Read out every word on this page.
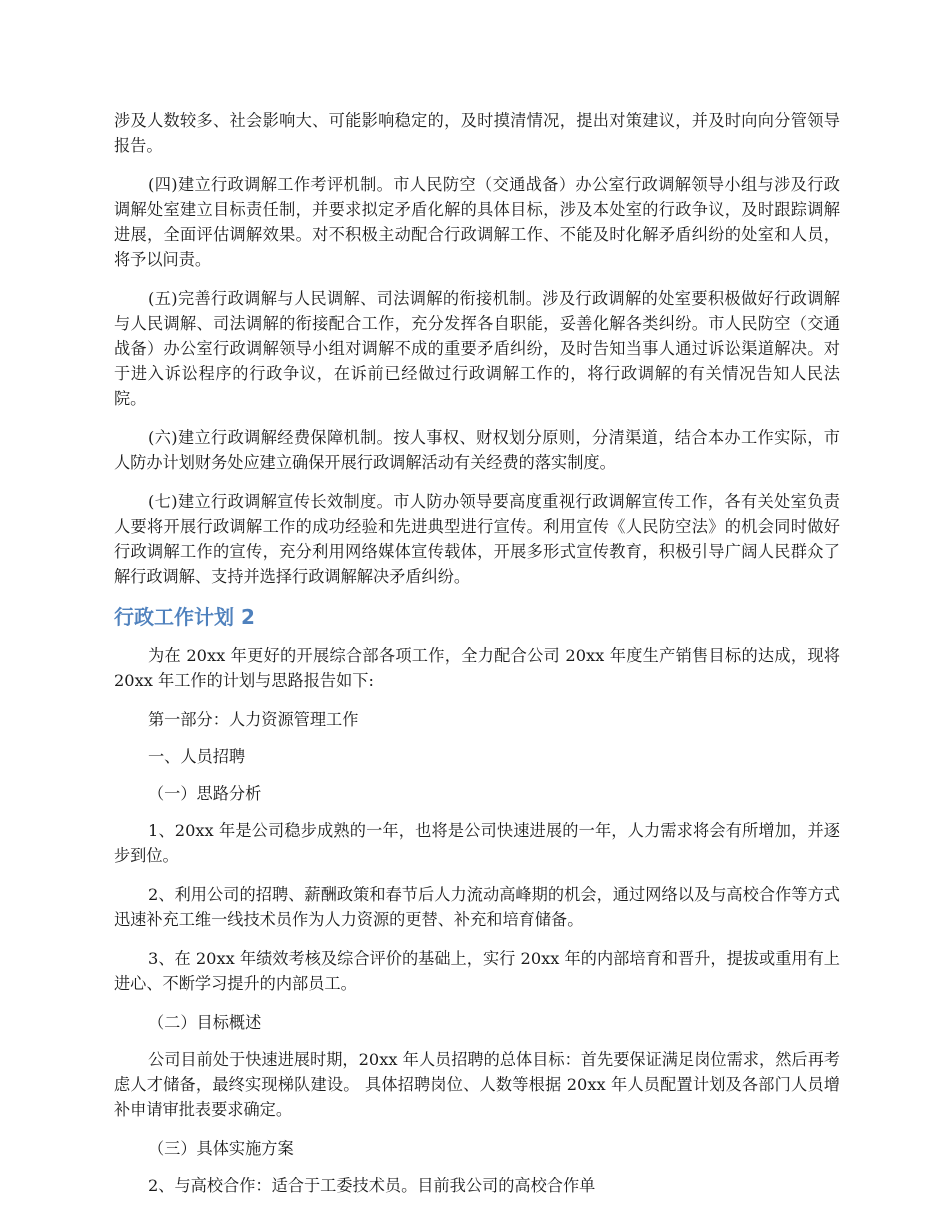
涉及人数较多、社会影响大、可能影响稳定的，及时摸清情况，提出对策建议，并及时向向分管领导报告。

(四)建立行政调解工作考评机制。市人民防空（交通战备）办公室行政调解领导小组与涉及行政调解处室建立目标责任制，并要求拟定矛盾化解的具体目标，涉及本处室的行政争议，及时跟踪调解进展，全面评估调解效果。对不积极主动配合行政调解工作、不能及时化解矛盾纠纷的处室和人员，将予以问责。

(五)完善行政调解与人民调解、司法调解的衔接机制。涉及行政调解的处室要积极做好行政调解与人民调解、司法调解的衔接配合工作，充分发挥各自职能，妥善化解各类纠纷。市人民防空（交通战备）办公室行政调解领导小组对调解不成的重要矛盾纠纷，及时告知当事人通过诉讼渠道解决。对于进入诉讼程序的行政争议，在诉前已经做过行政调解工作的，将行政调解的有关情况告知人民法院。

(六)建立行政调解经费保障机制。按人事权、财权划分原则，分清渠道，结合本办工作实际，市人防办计划财务处应建立确保开展行政调解活动有关经费的落实制度。

(七)建立行政调解宣传长效制度。市人防办领导要高度重视行政调解宣传工作，各有关处室负责人要将开展行政调解工作的成功经验和先进典型进行宣传。利用宣传《人民防空法》的机会同时做好行政调解工作的宣传，充分利用网络媒体宣传载体，开展多形式宣传教育，积极引导广阔人民群众了解行政调解、支持并选择行政调解解决矛盾纠纷。

行政工作计划 2

为在 20xx 年更好的开展综合部各项工作，全力配合公司 20xx 年度生产销售目标的达成，现将 20xx 年工作的计划与思路报告如下:

第一部分：人力资源管理工作

一、人员招聘

（一）思路分析

1、20xx 年是公司稳步成熟的一年，也将是公司快速进展的一年，人力需求将会有所增加，并逐步到位。

2、利用公司的招聘、薪酬政策和春节后人力流动高峰期的机会，通过网络以及与高校合作等方式迅速补充工维一线技术员作为人力资源的更替、补充和培育储备。

3、在 20xx 年绩效考核及综合评价的基础上，实行 20xx 年的内部培育和晋升，提拔或重用有上进心、不断学习提升的内部员工。

（二）目标概述

公司目前处于快速进展时期，20xx 年人员招聘的总体目标：首先要保证满足岗位需求，然后再考虑人才储备，最终实现梯队建设。 具体招聘岗位、人数等根据 20xx 年人员配置计划及各部门人员增补申请审批表要求确定。

（三）具体实施方案

2、与高校合作：适合于工委技术员。目前我公司的高校合作单
